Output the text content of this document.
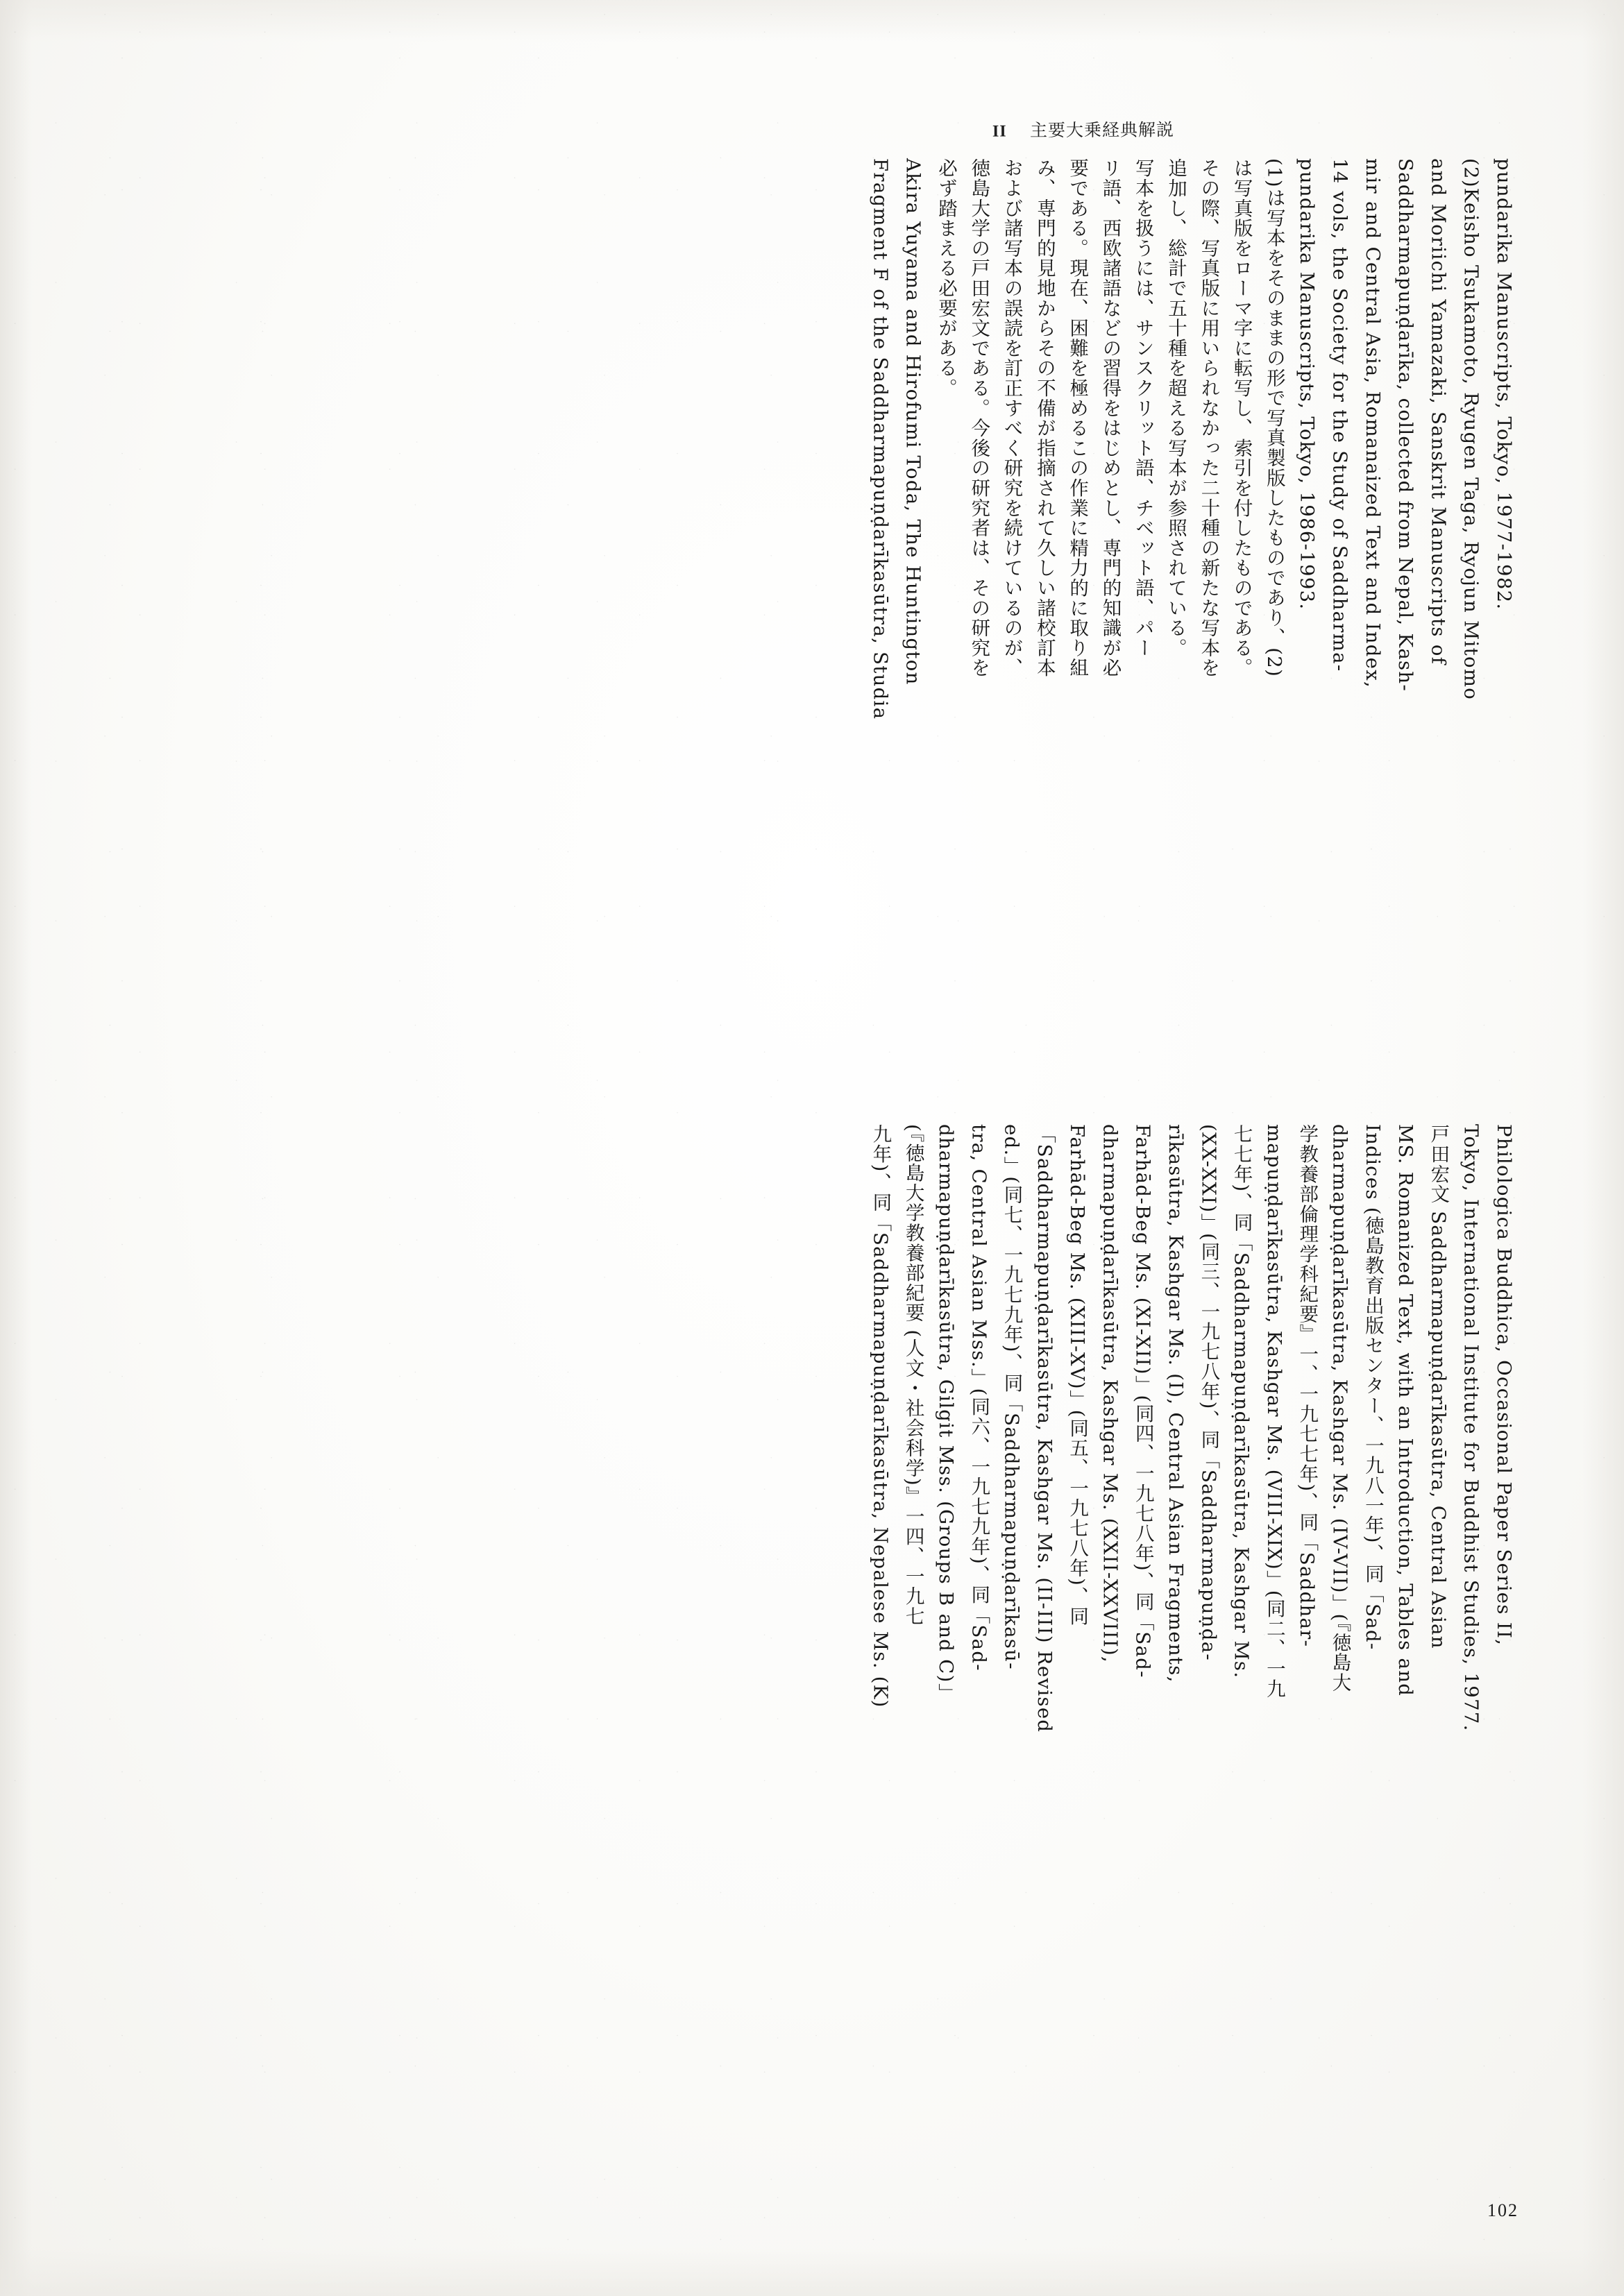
II 主要大乗経典解説
pundarika Manuscripts, Tokyo, 1977-1982.
(2)Keisho Tsukamoto, Ryugen Taga, Ryojun Mitomo
and Moriichi Yamazaki, Sanskrit Manuscripts of
Saddharmapuṇḍarīka, collected from Nepal, Kash-
mir and Central Asia, Romanaized Text and Index,
14 vols, the Society for the Study of Saddharma-
pundarika Manuscripts, Tokyo, 1986-1993.
(1)は写本をそのままの形で写真製版したものであり、(2)
は写真版をローマ字に転写し、索引を付したものである。
その際、写真版に用いられなかった二十種の新たな写本を
追加し、総計で五十種を超える写本が参照されている。
写本を扱うには、サンスクリット語、チベット語、パー
リ語、西欧諸語などの習得をはじめとし、専門的知識が必
要である。現在、困難を極めるこの作業に精力的に取り組
み、専門的見地からその不備が指摘されて久しい諸校訂本
および諸写本の誤読を訂正すべく研究を続けているのが、
徳島大学の戸田宏文である。今後の研究者は、その研究を
必ず踏まえる必要がある。
Akira Yuyama and Hirofumi Toda, The Huntington
Fragment F of the Saddharmapuṇḍarīkasūtra, Studia
Philologica Buddhica, Occasional Paper Series II,
Tokyo, International Institute for Buddhist Studies, 1977.
戸田宏文 Saddharmapuṇḍarīkasūtra, Central Asian
MS. Romanized Text, with an Introduction, Tables and
Indices (徳島教育出版センター、一九八一年)、同「Sad-
dharmapuṇḍarīkasūtra, Kashgar Ms. (IV-VII)」(『徳島大
学教養部倫理学科紀要』一、一九七七年)、同「Saddhar-
mapuṇḍarīkasūtra, Kashgar Ms. (VIII-XIX)」(同二、一九
七七年)、同「Saddharmapuṇḍarīkasūtra, Kashgar Ms.
(XX-XXI)」(同三、一九七八年)、同「Saddharmapuṇḍa-
rīkasūtra, Kashgar Ms. (I), Central Asian Fragments,
Farhād-Beg Ms. (XI-XII)」(同四、一九七八年)、同「Sad-
dharmapuṇḍarīkasūtra, Kashgar Ms. (XXII-XXVIII),
Farhād-Beg Ms. (XIII-XV)」(同五、一九七八年)、同
「Saddharmapuṇḍarīkasūtra, Kashgar Ms. (II-III) Revised
ed.」(同七、一九七九年)、同「Saddharmapuṇḍarīkasū-
tra, Central Asian Mss.」(同六、一九七九年)、同「Sad-
dharmapuṇḍarīkasūtra, Gilgit Mss. (Groups B and C)」
(『徳島大学教養部紀要 (人文・社会科学)』一四、一九七
九年)、同「Saddharmapuṇḍarīkasūtra, Nepalese Ms. (K)
102
